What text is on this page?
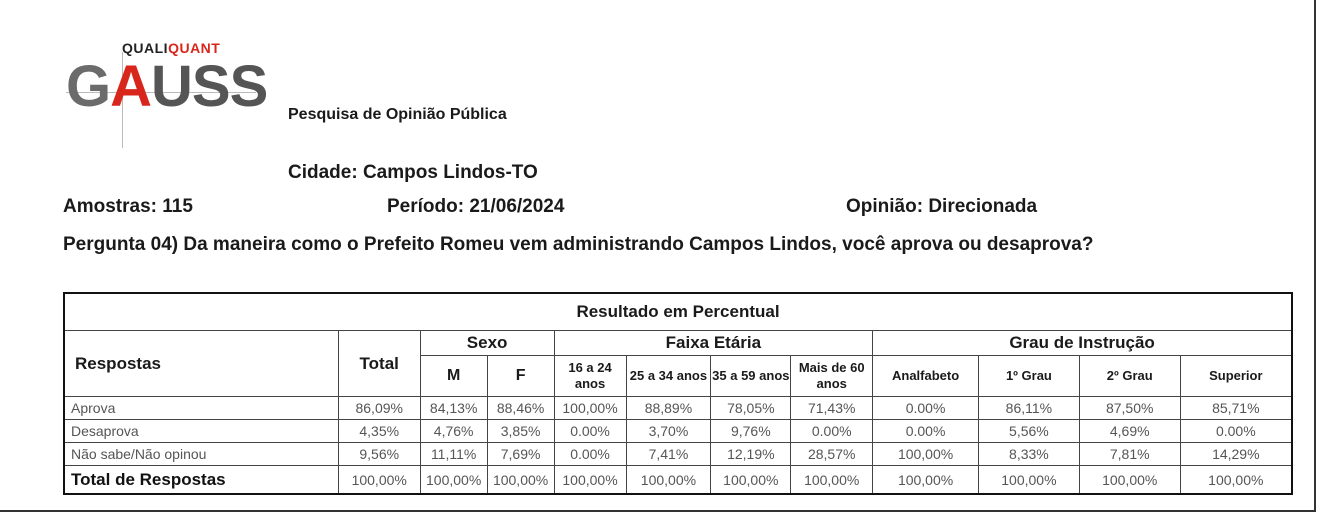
QUALIQUANT
GAUSS Pesquisa de Opinião Pública
Cidade: Campos Lindos-TO
Amostras: 115	Período: 21/06/2024	Opinião: Direcionada
Pergunta 04) Da maneira como o Prefeito Romeu vem administrando Campos Lindos, você aprova ou desaprova?
Resultado em Percentual											
Respostas	Total	Sexo		Faixa Etária				Grau de Instrução			
		M	F	16 a 24 anos	25 a 34 anos	35 a 59 anos	Mais de 60 anos	Analfabeto	1º Grau	2º Grau	Superior
Aprova	86,09%	84,13%	88,46%	100,00%	88,89%	78,05%	71,43%	0.00%	86,11%	87,50%	85,71%
Desaprova	4,35%	4,76%	3,85%	0.00%	3,70%	9,76%	0.00%	0.00%	5,56%	4,69%	0.00%
Não sabe/Não opinou	9,56%	11,11%	7,69%	0.00%	7,41%	12,19%	28,57%	100,00%	8,33%	7,81%	14,29%
Total de Respostas	100,00%	100,00%	100,00%	100,00%	100,00%	100,00%	100,00%	100,00%	100,00%	100,00%	100,00%
